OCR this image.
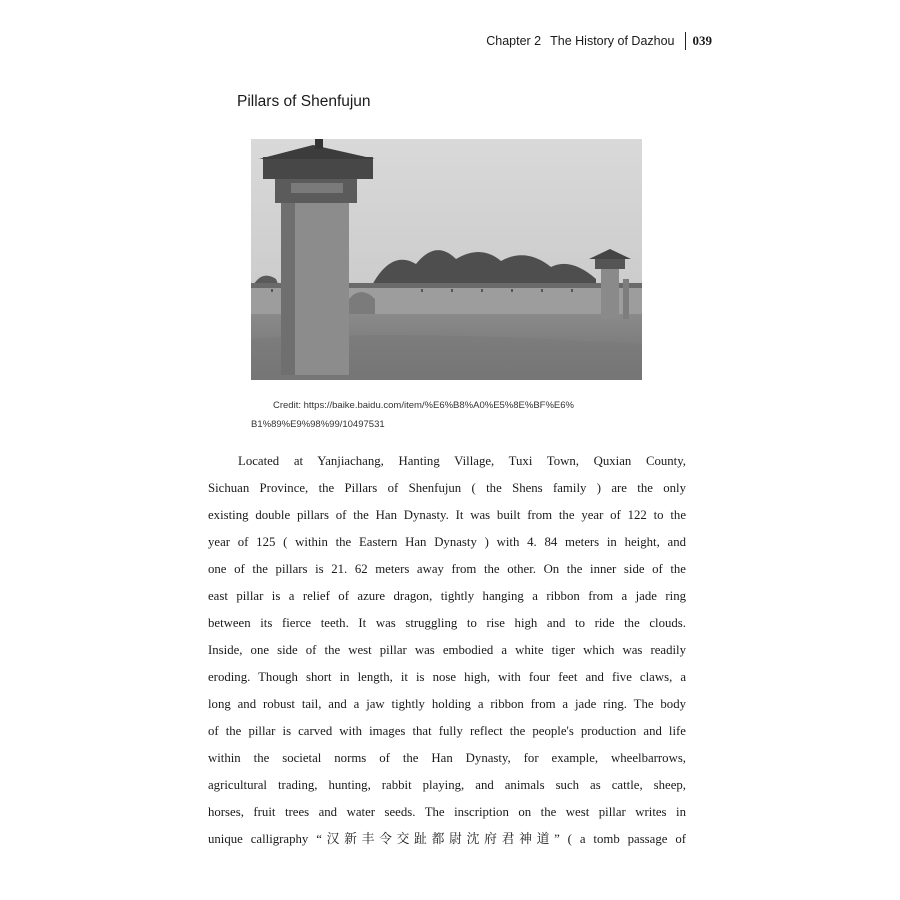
Chapter 2 The History of Dazhou 039
Pillars of Shenfujun
Credit: https://baike.baidu.com/item/%E6%B8%A0%E5%8E%BF%E6%
B1%89%E9%98%99/10497531
Located at Yanjiachang, Hanting Village, Tuxi Town, Quxian County,
Sichuan Province, the Pillars of Shenfujun ( the Shens family ) are the only
existing double pillars of the Han Dynasty. It was built from the year of 122 to the
year of 125 ( within the Eastern Han Dynasty ) with 4. 84 meters in height, and
one of the pillars is 21. 62 meters away from the other. On the inner side of the
east pillar is a relief of azure dragon, tightly hanging a ribbon from a jade ring
between its fierce teeth. It was struggling to rise high and to ride the clouds.
Inside, one side of the west pillar was embodied a white tiger which was readily
eroding. Though short in length, it is nose high, with four feet and five claws, a
long and robust tail, and a jaw tightly holding a ribbon from a jade ring. The body
of the pillar is carved with images that fully reflect the people's production and life
within the societal norms of the Han Dynasty, for example, wheelbarrows,
agricultural trading, hunting, rabbit playing, and animals such as cattle, sheep,
horses, fruit trees and water seeds. The inscription on the west pillar writes in
unique calligraphy “汉新丰令交趾都尉沈府君神道” ( a tomb passage of
